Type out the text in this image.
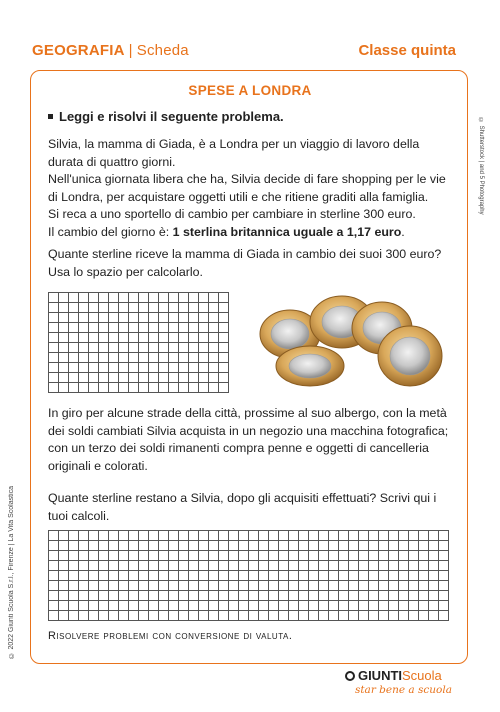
GEOGRAFIA | Scheda	Classe quinta
© Shutterstock | and 5 Photography
© 2022 Giunti Scuola S.r.l., Firenze | La Vita Scolastica
SPESE A LONDRA
Leggi e risolvi il seguente problema.

Silvia, la mamma di Giada, è a Londra per un viaggio di lavoro della durata di quattro giorni.

Nell'unica giornata libera che ha, Silvia decide di fare shopping per le vie di Londra, per acquistare oggetti utili e che ritiene graditi alla famiglia.

Si reca a uno sportello di cambio per cambiare in sterline 300 euro.

Il cambio del giorno è: 1 sterlina britannica uguale a 1,17 euro.

Quante sterline riceve la mamma di Giada in cambio dei suoi 300 euro? Usa lo spazio per calcolarlo.
In giro per alcune strade della città, prossime al suo albergo, con la metà dei soldi cambiati Silvia acquista in un negozio una macchina fotografica; con un terzo dei soldi rimanenti compra penne e oggetti di cancelleria originali e colorati.
Quante sterline restano a Silvia, dopo gli acquisiti effettuati? Scrivi qui i tuoi calcoli.
Risolvere problemi con conversione di valuta.
GIUNTIScuola
star bene a scuola
